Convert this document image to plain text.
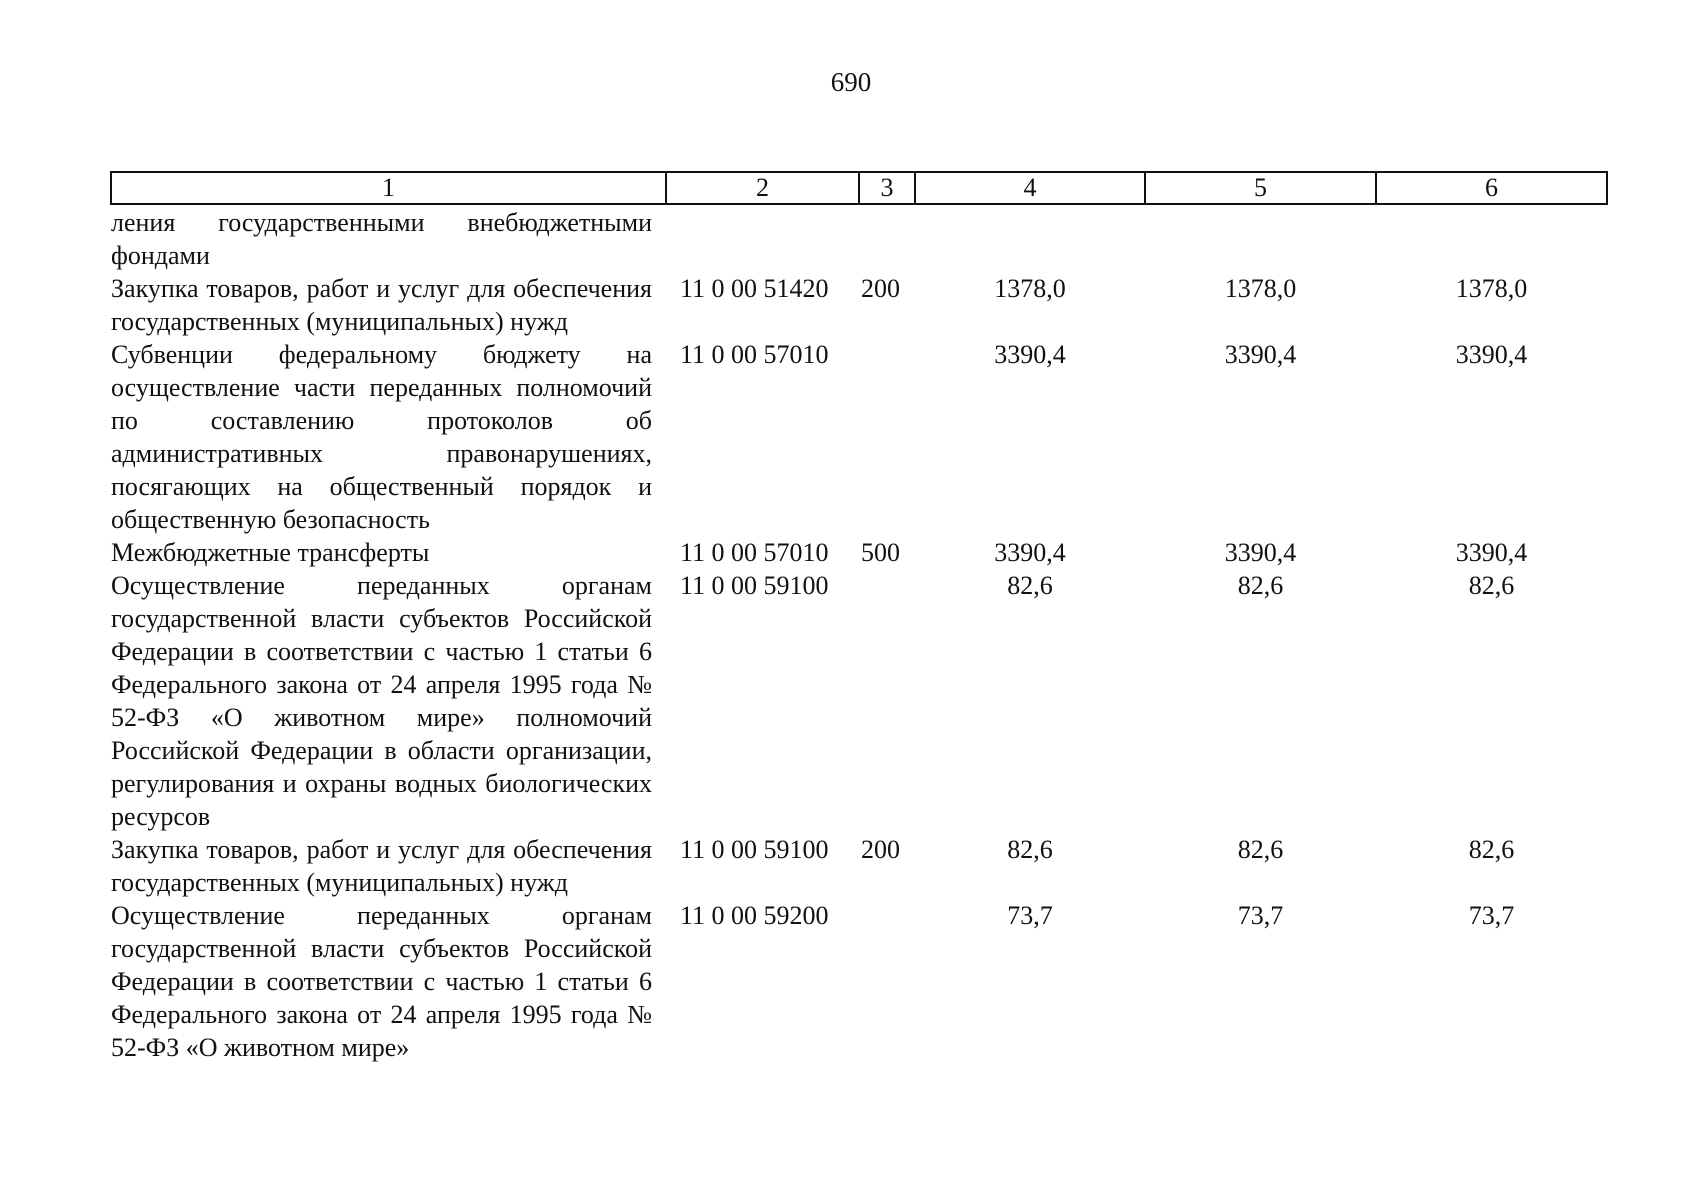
690
1	2	3	4	5	6
ления государственными внебюджетными фондами					
Закупка товаров, работ и услуг для обеспечения государственных (муниципальных) нужд	11 0 00 51420	200	1378,0	1378,0	1378,0
Субвенции федеральному бюджету на осуществление части переданных полномочий по составлению протоколов об административных правонарушениях, посягающих на общественный порядок и общественную безопасность	11 0 00 57010		3390,4	3390,4	3390,4
Межбюджетные трансферты	11 0 00 57010	500	3390,4	3390,4	3390,4
Осуществление переданных органам государственной власти субъектов Российской Федерации в соответствии с частью 1 статьи 6 Федерального закона от 24 апреля 1995 года № 52-ФЗ «О животном мире» полномочий Российской Федерации в области организации, регулирования и охраны водных биологических ресурсов	11 0 00 59100		82,6	82,6	82,6
Закупка товаров, работ и услуг для обеспечения государственных (муниципальных) нужд	11 0 00 59100	200	82,6	82,6	82,6
Осуществление переданных органам государственной власти субъектов Российской Федерации в соответствии с частью 1 статьи 6 Федерального закона от 24 апреля 1995 года № 52-ФЗ «О животном мире»	11 0 00 59200		73,7	73,7	73,7
